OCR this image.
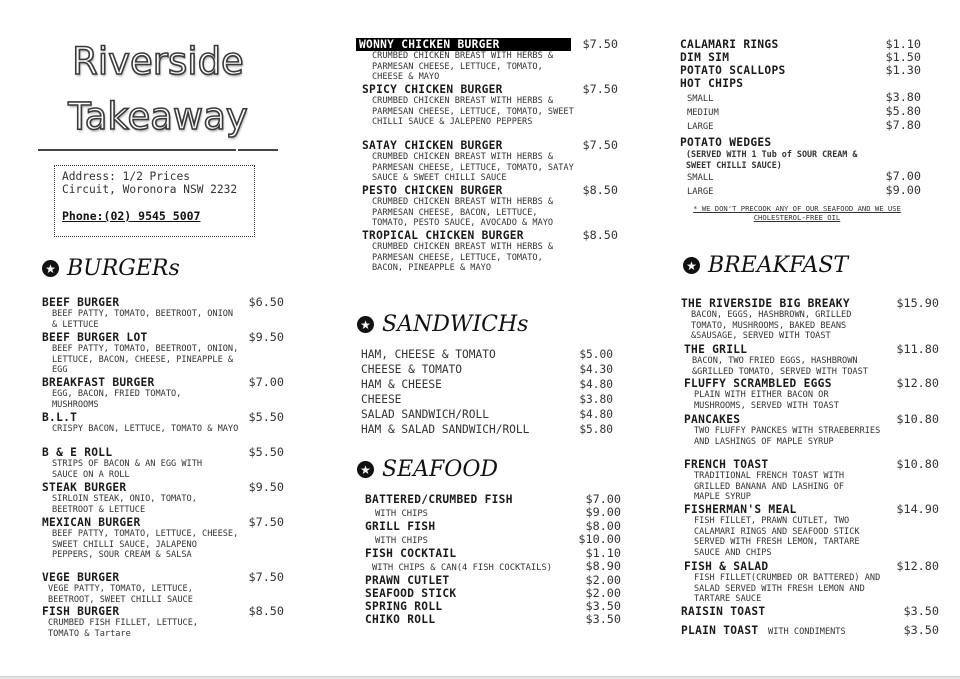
Riverside
Takeaway
Address: 1/2 Prices
Circuit, Woronora NSW 2232
Phone:(02) 9545 5007
★ BURGERs
BEEF BURGER	$6.50
BEEF PATTY, TOMATO, BEETROOT, ONION & LETTUCE
BEEF BURGER LOT	$9.50
BEEF PATTY, TOMATO, BEETROOT, ONION, LETTUCE, BACON, CHEESE, PINEAPPLE & EGG
BREAKFAST BURGER	$7.00
EGG, BACON, FRIED TOMATO, MUSHROOMS
B.L.T	$5.50
CRISPY BACON, LETTUCE, TOMATO & MAYO
B & E ROLL	$5.50
STRIPS OF BACON & AN EGG WITH SAUCE ON A ROLL
STEAK BURGER	$9.50
SIRLOIN STEAK, ONIO, TOMATO, BEETROOT & LETTUCE
MEXICAN BURGER	$7.50
BEEF PATTY, TOMATO, LETTUCE, CHEESE, SWEET CHILLI SAUCE, JALAPENO PEPPERS, SOUR CREAM & SALSA
VEGE BURGER	$7.50
VEGE PATTY, TOMATO, LETTUCE, BEETROOT, SWEET CHILLI SAUCE
FISH BURGER	$8.50
CRUMBED FISH FILLET, LETTUCE, TOMATO & Tartare
WONNY CHICKEN BURGER	$7.50
CRUMBED CHICKEN BREAST WITH HERBS & PARMESAN CHEESE, LETTUCE, TOMATO, CHEESE & MAYO
SPICY CHICKEN BURGER	$7.50
CRUMBED CHICKEN BREAST WITH HERBS & PARMESAN CHEESE, LETTUCE, TOMATO, SWEET CHILLI SAUCE & JALEPENO PEPPERS
SATAY CHICKEN BURGER	$7.50
CRUMBED CHICKEN BREAST WITH HERBS & PARMESAN CHEESE, LETTUCE, TOMATO, SATAY SAUCE & SWEET CHILLI SAUCE
PESTO CHICKEN BURGER	$8.50
CRUMBED CHICKEN BREAST WITH HERBS & PARMESAN CHEESE, BACON, LETTUCE, TOMATO, PESTO SAUCE, AVOCADO & MAYO
TROPICAL CHICKEN BURGER	$8.50
CRUMBED CHICKEN BREAST WITH HERBS & PARMESAN CHEESE, LETTUCE, TOMATO, BACON, PINEAPPLE & MAYO
★ SANDWICHs
HAM, CHEESE & TOMATO	$5.00
CHEESE & TOMATO	$4.30
HAM & CHEESE	$4.80
CHEESE	$3.80
SALAD SANDWICH/ROLL	$4.80
HAM & SALAD SANDWICH/ROLL	$5.80
★ SEAFOOD
BATTERED/CRUMBED FISH	$7.00
WITH CHIPS	$9.00
GRILL FISH	$8.00
WITH CHIPS	$10.00
FISH COCKTAIL	$1.10
WITH CHIPS & CAN(4 FISH COCKTAILS)	$8.90
PRAWN CUTLET	$2.00
SEAFOOD STICK	$2.00
SPRING ROLL	$3.50
CHIKO ROLL	$3.50
CALAMARI RINGS	$1.10
DIM SIM	$1.50
POTATO SCALLOPS	$1.30
HOT CHIPS
SMALL	$3.80
MEDIUM	$5.80
LARGE	$7.80
POTATO WEDGES
(SERVED WITH 1 Tub of SOUR CREAM & SWEET CHILLI SAUCE)
SMALL	$7.00
LARGE	$9.00
* WE DON'T PRECOOK ANY OF OUR SEAFOOD AND WE USE CHOLESTEROL-FREE OIL
★ BREAKFAST
THE RIVERSIDE BIG BREAKY	$15.90
BACON, EGGS, HASHBROWN, GRILLED TOMATO, MUSHROOMS, BAKED BEANS &SAUSAGE, SERVED WITH TOAST
THE GRILL	$11.80
BACON, TWO FRIED EGGS, HASHBROWN &GRILLED TOMATO, SERVED WITH TOAST
FLUFFY SCRAMBLED EGGS	$12.80
PLAIN WITH EITHER BACON OR MUSHROOMS, SERVED WITH TOAST
PANCAKES	$10.80
TWO FLUFFY PANCKES WITH STRAEBERRIES AND LASHINGS OF MAPLE SYRUP
FRENCH TOAST	$10.80
TRADITIONAL FRENCH TOAST WITH GRILLED BANANA AND LASHING OF MAPLE SYRUP
FISHERMAN'S MEAL	$14.90
FISH FILLET, PRAWN CUTLET, TWO CALAMARI RINGS AND SEAFOOD STICK SERVED WITH FRESH LEMON, TARTARE SAUCE AND CHIPS
FISH & SALAD	$12.80
FISH FILLET(CRUMBED OR BATTERED) AND SALAD SERVED WITH FRESH LEMON AND TARTARE SAUCE
RAISIN TOAST	$3.50
PLAIN TOAST WITH CONDIMENTS	$3.50
